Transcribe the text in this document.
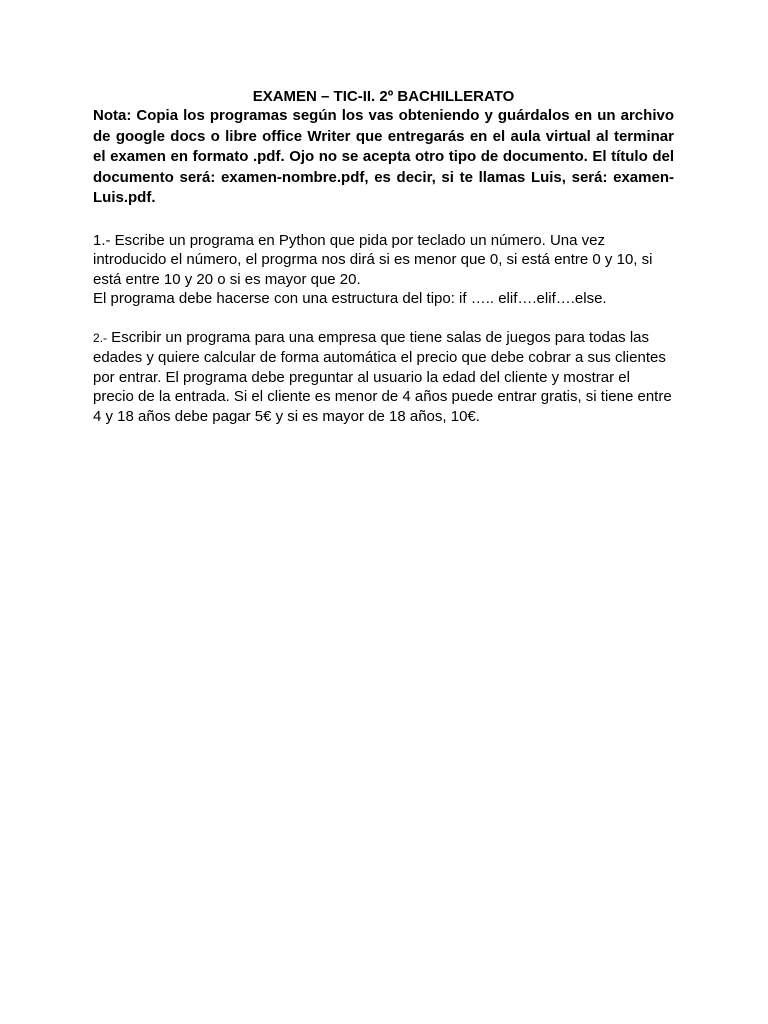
EXAMEN – TIC-II. 2º BACHILLERATO

Nota: Copia los programas según los vas obteniendo y guárdalos en un archivo de google docs o libre office Writer que entregarás en el aula virtual al terminar el examen en formato .pdf. Ojo no se acepta otro tipo de documento. El título del documento será: examen-nombre.pdf, es decir, si te llamas Luis, será: examen-Luis.pdf.

1.- Escribe un programa en Python que pida por teclado un número. Una vez introducido el número, el progrma nos dirá si es menor que 0, si está entre 0 y 10, si está entre 10 y 20 o si es mayor que 20.
El programa debe hacerse con una estructura del tipo: if ….. elif….elif….else.
2.- Escribir un programa para una empresa que tiene salas de juegos para todas las edades y quiere calcular de forma automática el precio que debe cobrar a sus clientes por entrar. El programa debe preguntar al usuario la edad del cliente y mostrar el precio de la entrada. Si el cliente es menor de 4 años puede entrar gratis, si tiene entre 4 y 18 años debe pagar 5€ y si es mayor de 18 años, 10€.
